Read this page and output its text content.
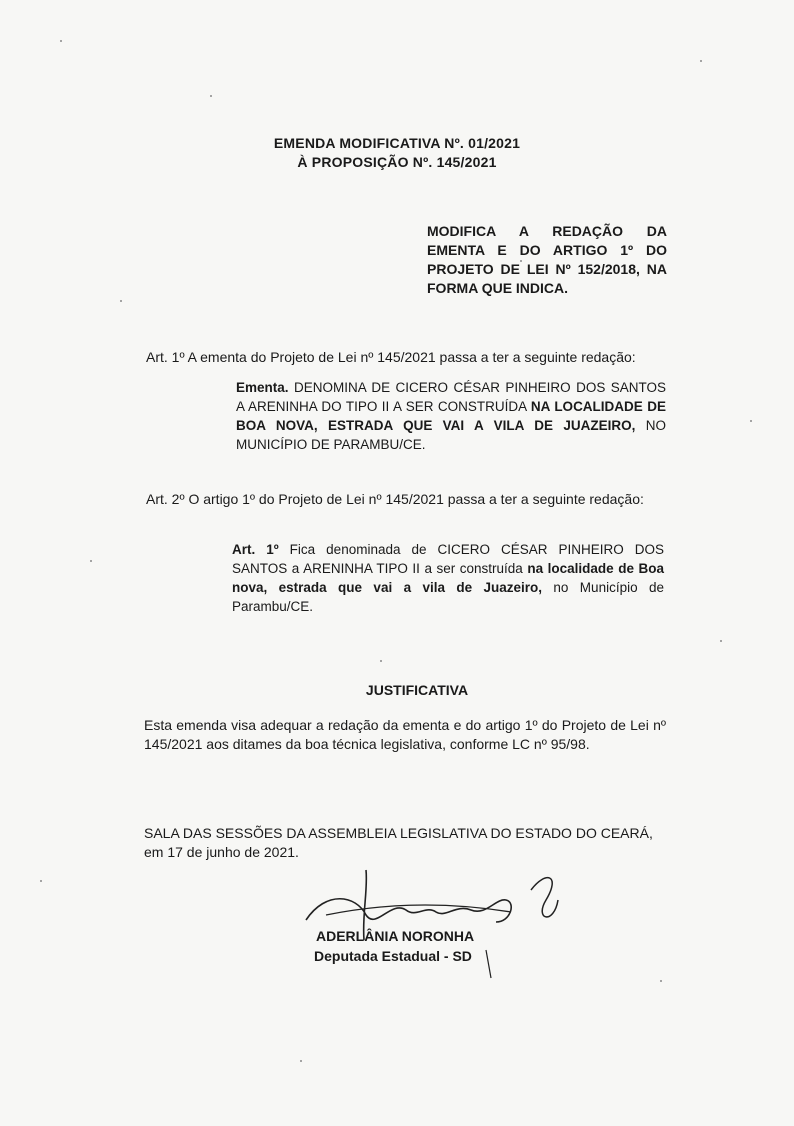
EMENDA MODIFICATIVA Nº. 01/2021

À PROPOSIÇÃO Nº. 145/2021

MODIFICA A REDAÇÃO DA EMENTA E DO ARTIGO 1º DO PROJETO DE LEI Nº 152/2018, NA FORMA QUE INDICA.

Art. 1º A ementa do Projeto de Lei nº 145/2021 passa a ter a seguinte redação:

Ementa. DENOMINA DE CICERO CÉSAR PINHEIRO DOS SANTOS A ARENINHA DO TIPO II A SER CONSTRUÍDA NA LOCALIDADE DE BOA NOVA, ESTRADA QUE VAI A VILA DE JUAZEIRO, NO MUNICÍPIO DE PARAMBU/CE.

Art. 2º O artigo 1º do Projeto de Lei nº 145/2021 passa a ter a seguinte redação:

Art. 1º Fica denominada de CICERO CÉSAR PINHEIRO DOS SANTOS a ARENINHA TIPO II a ser construída na localidade de Boa nova, estrada que vai a vila de Juazeiro, no Município de Parambu/CE.

JUSTIFICATIVA

Esta emenda visa adequar a redação da ementa e do artigo 1º do Projeto de Lei nº 145/2021 aos ditames da boa técnica legislativa, conforme LC nº 95/98.

SALA DAS SESSÕES DA ASSEMBLEIA LEGISLATIVA DO ESTADO DO CEARÁ, em 17 de junho de 2021.

ADERLÂNIA NORONHA

Deputada Estadual - SD
